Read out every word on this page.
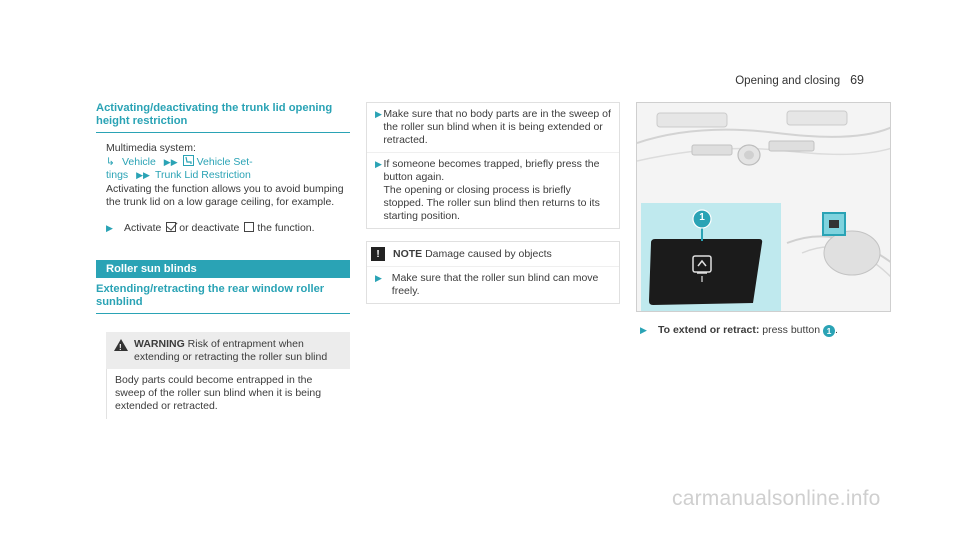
Opening and closing 69
Activating/deactivating the trunk lid opening
height restriction
Multimedia system:
↳ Vehicle ▶▶ Vehicle Set-
tings ▶▶ Trunk Lid Restriction
Activating the function allows you to avoid bumping the trunk lid on a low garage ceiling, for example.
▶ Activate or deactivate the function.
Roller sun blinds
Extending/retracting the rear window roller
sunblind
!
WARNING Risk of entrapment when extending or retracting the roller sun blind
Body parts could become entrapped in the sweep of the roller sun blind when it is being extended or retracted.
▶ Make sure that no body parts are in the sweep of the roller sun blind when it is being extended or retracted.
▶ If someone becomes trapped, briefly press the button again.
The opening or closing process is briefly stopped. The roller sun blind then returns to its starting position.
!	NOTE Damage caused by objects
▶ Make sure that the roller sun blind can move freely.
1
▶ To extend or retract: press button 1 .
carmanualsonline.info
